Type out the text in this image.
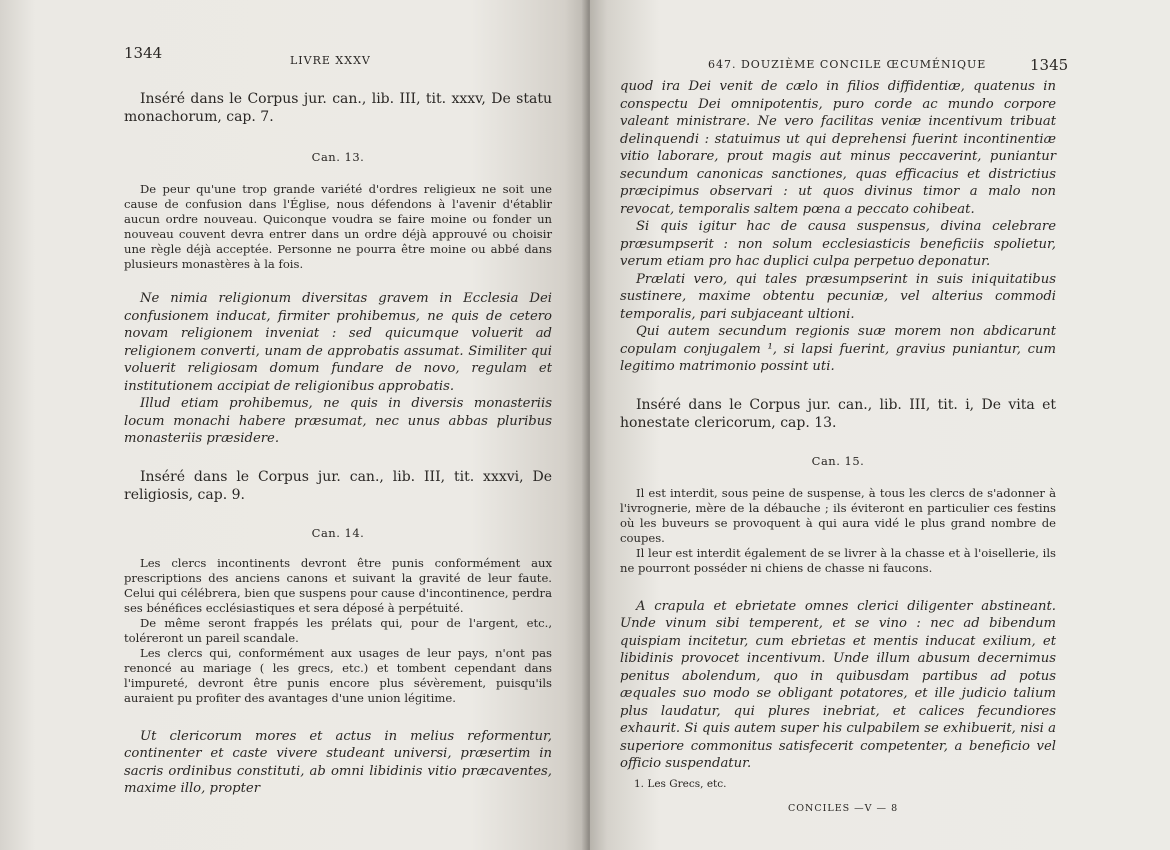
1344	LIVRE XXXV

Inséré dans le Corpus jur. can., lib. III, tit. xxxv, De statu monachorum, cap. 7.

Can. 13.

De peur qu'une trop grande variété d'ordres religieux ne soit une cause de confusion dans l'Église, nous défendons à l'avenir d'établir aucun ordre nouveau. Quiconque voudra se faire moine ou fonder un nouveau couvent devra entrer dans un ordre déjà approuvé ou choisir une règle déjà acceptée. Personne ne pourra être moine ou abbé dans plusieurs monastères à la fois.

Ne nimia religionum diversitas gravem in Ecclesia Dei confusionem inducat, firmiter prohibemus, ne quis de cetero novam religionem inveniat : sed quicumque voluerit ad religionem converti, unam de approbatis assumat. Similiter qui voluerit religiosam domum fundare de novo, regulam et institutionem accipiat de religionibus approbatis.

Illud etiam prohibemus, ne quis in diversis monasteriis locum monachi habere præsumat, nec unus abbas pluribus monasteriis præsidere.

Inséré dans le Corpus jur. can., lib. III, tit. xxxvi, De religiosis, cap. 9.

Can. 14.

Les clercs incontinents devront être punis conformément aux prescriptions des anciens canons et suivant la gravité de leur faute. Celui qui célébrera, bien que suspens pour cause d'incontinence, perdra ses bénéfices ecclésiastiques et sera déposé à perpétuité.

De même seront frappés les prélats qui, pour de l'argent, etc., toléreront un pareil scandale.

Les clercs qui, conformément aux usages de leur pays, n'ont pas renoncé au mariage ( les grecs, etc.) et tombent cependant dans l'impureté, devront être punis encore plus sévèrement, puisqu'ils auraient pu profiter des avantages d'une union légitime.

Ut clericorum mores et actus in melius reformentur, continenter et caste vivere studeant universi, præsertim in sacris ordinibus constituti, ab omni libidinis vitio præcaventes, maxime illo, propter

647. DOUZIÈME CONCILE ŒCUMÉNIQUE	1345

quod ira Dei venit de cælo in filios diffidentiæ, quatenus in conspectu Dei omnipotentis, puro corde ac mundo corpore valeant ministrare. Ne vero facilitas veniæ incentivum tribuat delinquendi : statuimus ut qui deprehensi fuerint incontinentiæ vitio laborare, prout magis aut minus peccaverint, puniantur secundum canonicas sanctiones, quas efficacius et districtius præcipimus observari : ut quos divinus timor a malo non revocat, temporalis saltem pœna a peccato cohibeat.

Si quis igitur hac de causa suspensus, divina celebrare præsumpserit : non solum ecclesiasticis beneficiis spolietur, verum etiam pro hac duplici culpa perpetuo deponatur.

Prælati vero, qui tales præsumpserint in suis iniquitatibus sustinere, maxime obtentu pecuniæ, vel alterius commodi temporalis, pari subjaceant ultioni.

Qui autem secundum regionis suæ morem non abdicarunt copulam conjugalem ¹, si lapsi fuerint, gravius puniantur, cum legitimo matrimonio possint uti.

Inséré dans le Corpus jur. can., lib. III, tit. i, De vita et honestate clericorum, cap. 13.

Can. 15.

Il est interdit, sous peine de suspense, à tous les clercs de s'adonner à l'ivrognerie, mère de la débauche ; ils éviteront en particulier ces festins où les buveurs se provoquent à qui aura vidé le plus grand nombre de coupes.

Il leur est interdit également de se livrer à la chasse et à l'oisellerie, ils ne pourront posséder ni chiens de chasse ni faucons.

A crapula et ebrietate omnes clerici diligenter abstineant. Unde vinum sibi temperent, et se vino : nec ad bibendum quispiam incitetur, cum ebrietas et mentis inducat exilium, et libidinis provocet incentivum. Unde illum abusum decernimus penitus abolendum, quo in quibusdam partibus ad potus æquales suo modo se obligant potatores, et ille judicio talium plus laudatur, qui plures inebriat, et calices fecundiores exhaurit. Si quis autem super his culpabilem se exhibuerit, nisi a superiore commonitus satisfecerit competenter, a beneficio vel officio suspendatur.

1. Les Grecs, etc.
CONCILES —V — 8
